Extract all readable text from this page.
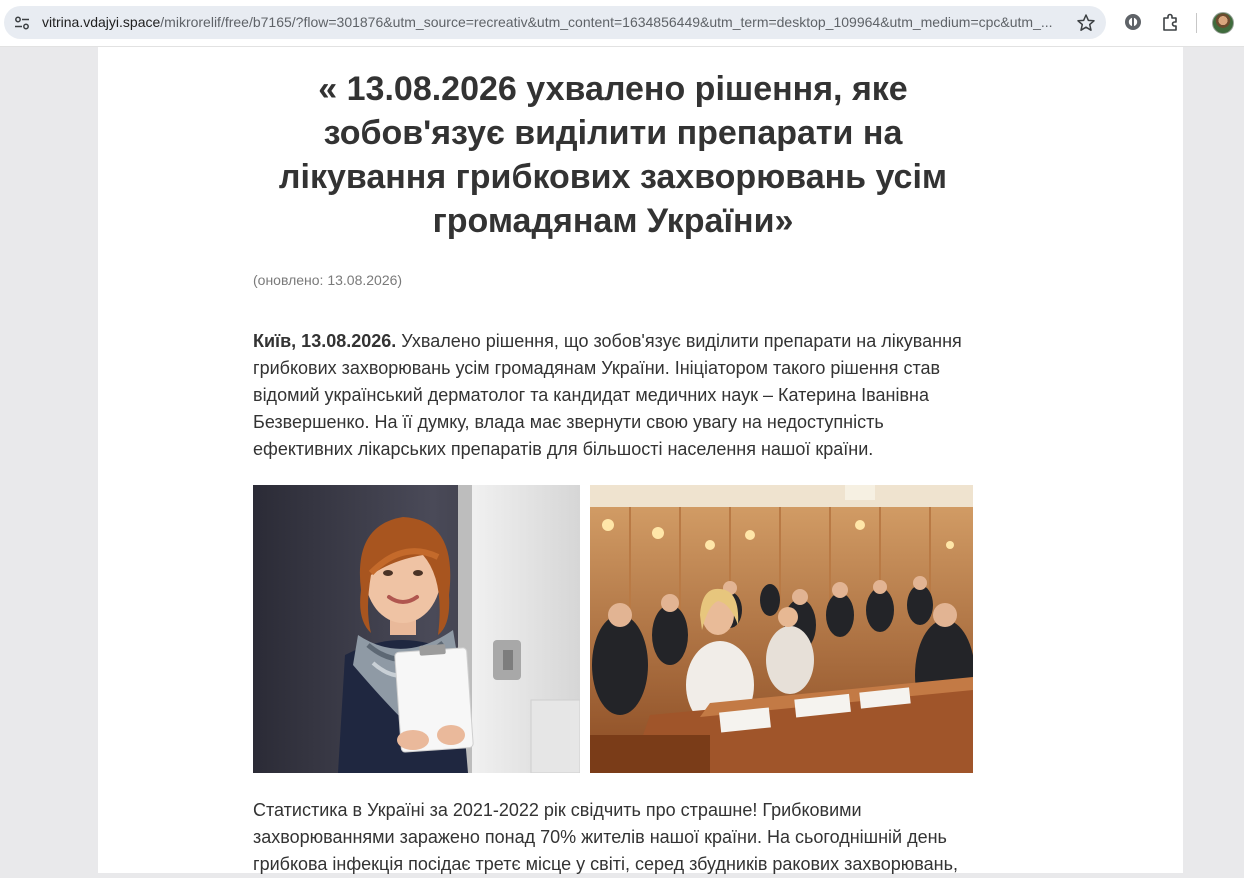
vitrina.vdajyi.space/mikrorelif/free/b7165/?flow=301876&utm_source=recreativ&utm_content=1634856449&utm_term=desktop_109964&utm_medium=cpc&utm_...
« 13.08.2026 ухвалено рішення, яке зобов'язує виділити препарати на лікування грибкових захворювань усім громадянам України»
(оновлено: 13.08.2026)

Київ, 13.08.2026. Ухвалено рішення, що зобов'язує виділити препарати на лікування грибкових захворювань усім громадянам України. Ініціатором такого рішення став відомий український дерматолог та кандидат медичних наук – Катерина Іванівна Безвершенко. На її думку, влада має звернути свою увагу на недоступність ефективних лікарських препаратів для більшості населення нашої країни.

Статистика в Україні за 2021-2022 рік свідчить про страшне! Грибковими захворюваннями заражено понад 70% жителів нашої країни. На сьогоднішній день грибкова інфекція посідає третє місце у світі, серед збудників ракових захворювань,
